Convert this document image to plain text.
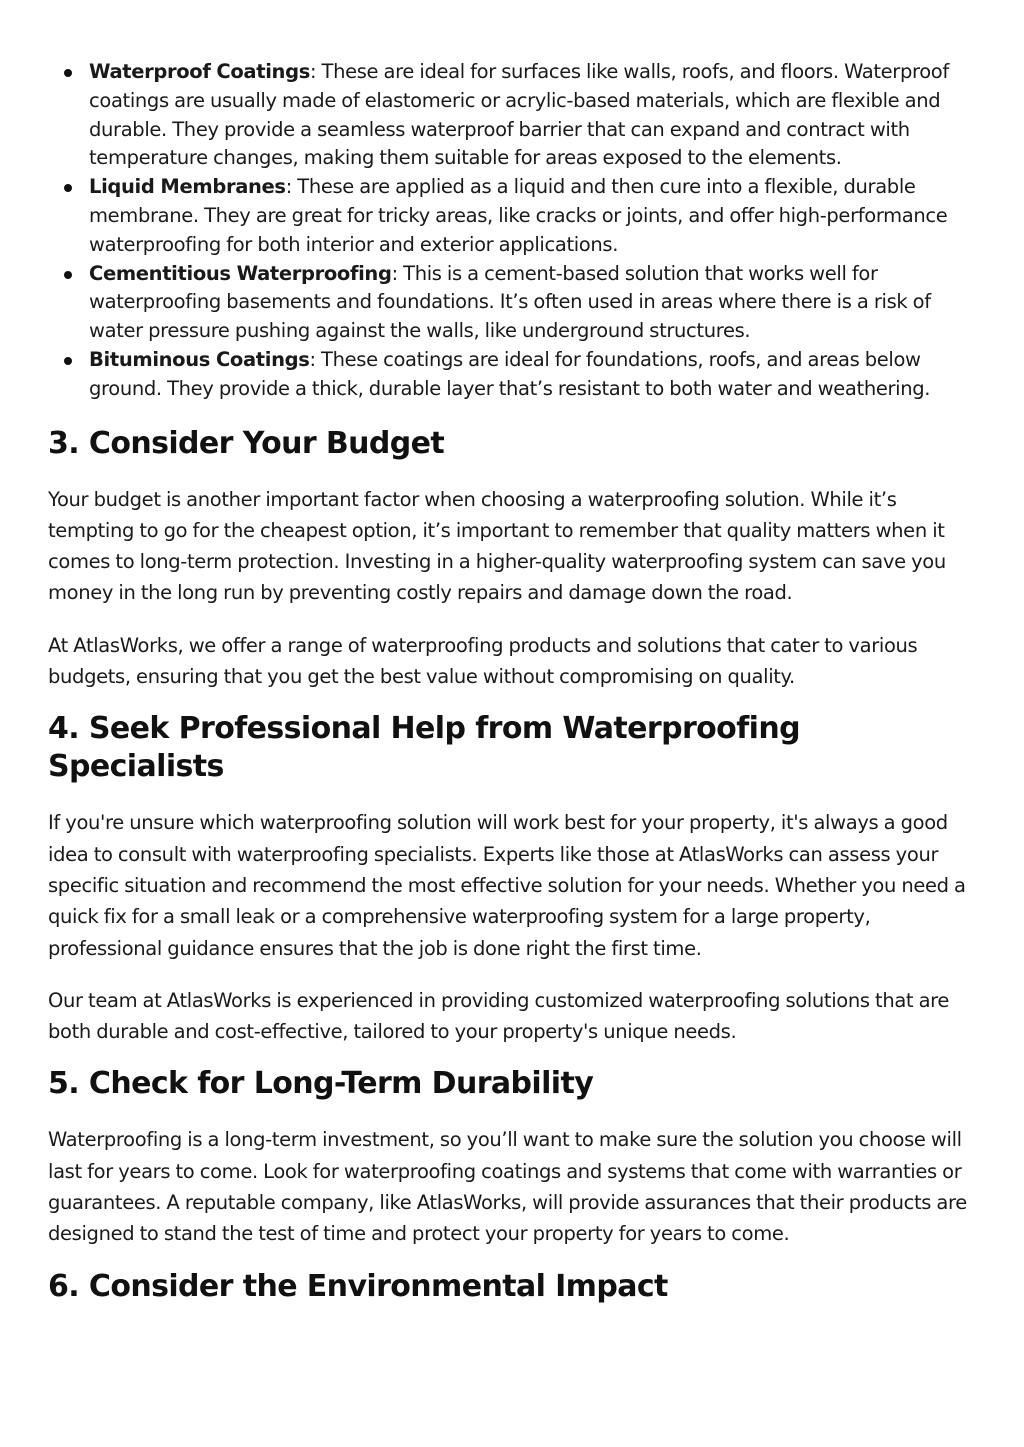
Waterproof Coatings: These are ideal for surfaces like walls, roofs, and floors. Waterproof coatings are usually made of elastomeric or acrylic-based materials, which are flexible and durable. They provide a seamless waterproof barrier that can expand and contract with temperature changes, making them suitable for areas exposed to the elements.
Liquid Membranes: These are applied as a liquid and then cure into a flexible, durable membrane. They are great for tricky areas, like cracks or joints, and offer high-performance waterproofing for both interior and exterior applications.
Cementitious Waterproofing: This is a cement-based solution that works well for waterproofing basements and foundations. It’s often used in areas where there is a risk of water pressure pushing against the walls, like underground structures.
Bituminous Coatings: These coatings are ideal for foundations, roofs, and areas below ground. They provide a thick, durable layer that’s resistant to both water and weathering.
3. Consider Your Budget

Your budget is another important factor when choosing a waterproofing solution. While it’s tempting to go for the cheapest option, it’s important to remember that quality matters when it comes to long-term protection. Investing in a higher-quality waterproofing system can save you money in the long run by preventing costly repairs and damage down the road.

At AtlasWorks, we offer a range of waterproofing products and solutions that cater to various budgets, ensuring that you get the best value without compromising on quality.

4. Seek Professional Help from Waterproofing Specialists

If you're unsure which waterproofing solution will work best for your property, it's always a good idea to consult with waterproofing specialists. Experts like those at AtlasWorks can assess your specific situation and recommend the most effective solution for your needs. Whether you need a quick fix for a small leak or a comprehensive waterproofing system for a large property, professional guidance ensures that the job is done right the first time.

Our team at AtlasWorks is experienced in providing customized waterproofing solutions that are both durable and cost-effective, tailored to your property's unique needs.

5. Check for Long-Term Durability

Waterproofing is a long-term investment, so you’ll want to make sure the solution you choose will last for years to come. Look for waterproofing coatings and systems that come with warranties or guarantees. A reputable company, like AtlasWorks, will provide assurances that their products are designed to stand the test of time and protect your property for years to come.

6. Consider the Environmental Impact
